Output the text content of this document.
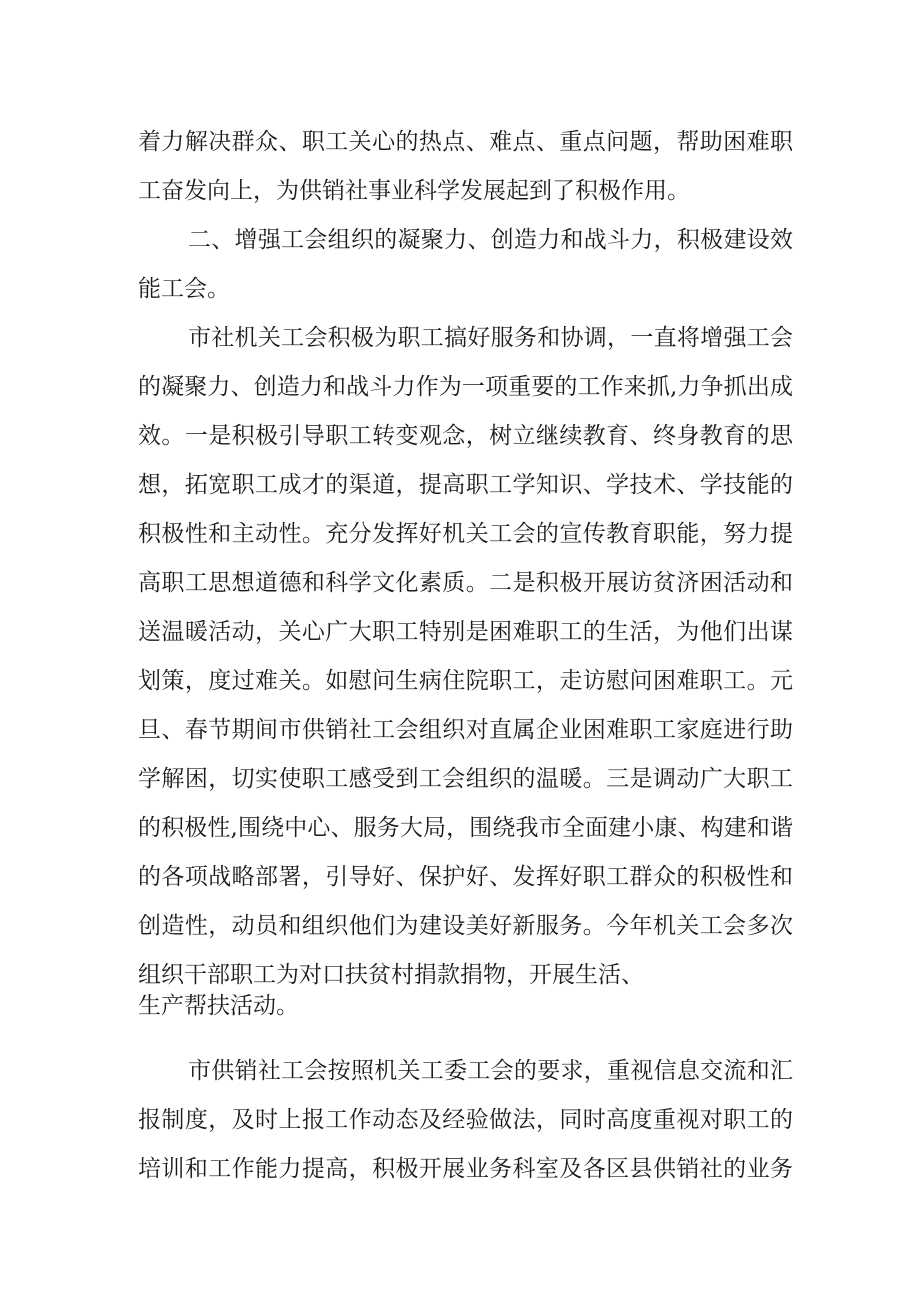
着力解决群众、职工关心的热点、难点、重点问题，帮助困难职
工奋发向上，为供销社事业科学发展起到了积极作用。
二、增强工会组织的凝聚力、创造力和战斗力，积极建设效
能工会。
市社机关工会积极为职工搞好服务和协调，一直将增强工会
的凝聚力、创造力和战斗力作为一项重要的工作来抓,力争抓出成
效。一是积极引导职工转变观念，树立继续教育、终身教育的思
想，拓宽职工成才的渠道，提高职工学知识、学技术、学技能的
积极性和主动性。充分发挥好机关工会的宣传教育职能，努力提
高职工思想道德和科学文化素质。二是积极开展访贫济困活动和
送温暖活动，关心广大职工特别是困难职工的生活，为他们出谋
划策，度过难关。如慰问生病住院职工，走访慰问困难职工。元
旦、春节期间市供销社工会组织对直属企业困难职工家庭进行助
学解困，切实使职工感受到工会组织的温暖。三是调动广大职工
的积极性,围绕中心、服务大局，围绕我市全面建小康、构建和谐
的各项战略部署，引导好、保护好、发挥好职工群众的积极性和
创造性，动员和组织他们为建设美好新服务。今年机关工会多次
组织干部职工为对口扶贫村捐款捐物，开展生活、
生产帮扶活动。
市供销社工会按照机关工委工会的要求，重视信息交流和汇
报制度，及时上报工作动态及经验做法，同时高度重视对职工的
培训和工作能力提高，积极开展业务科室及各区县供销社的业务
